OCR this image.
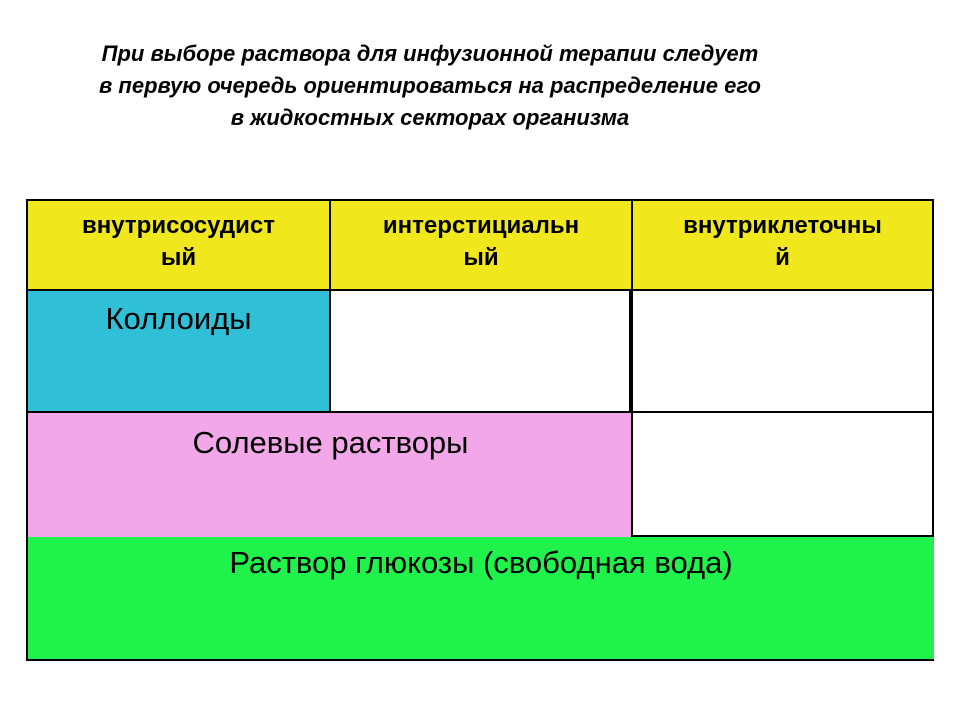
При выборе раствора для инфузионной терапии следует
в первую очередь ориентироваться на распределение его
в жидкостных секторах организма
внутрисосудист
ый
интерстициальн
ый
внутриклеточны
й
Коллоиды
Солевые растворы
Раствор глюкозы (свободная вода)
